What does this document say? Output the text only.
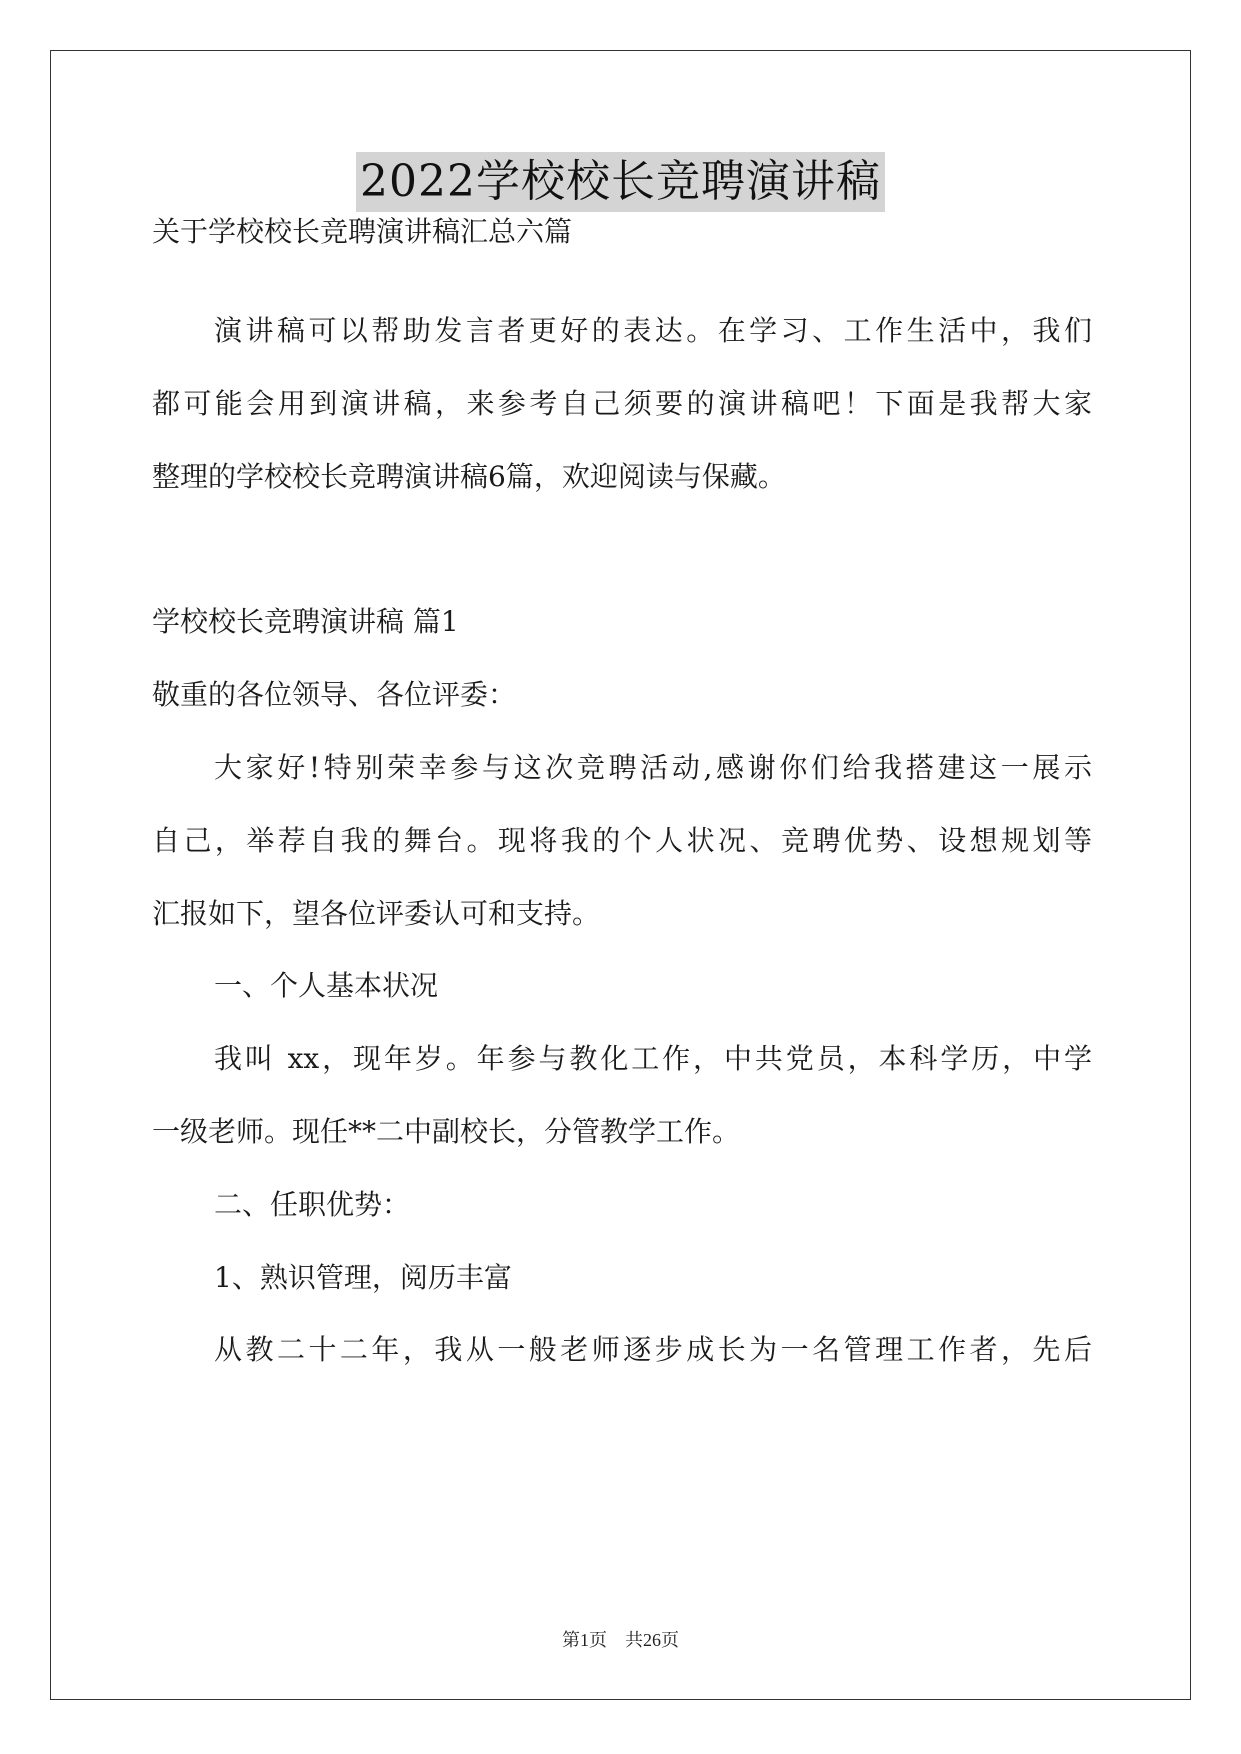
2022学校校长竞聘演讲稿
关于学校校长竞聘演讲稿汇总六篇
演讲稿可以帮助发言者更好的表达。在学习、工作生活中，我们
都可能会用到演讲稿，来参考自己须要的演讲稿吧！下面是我帮大家
整理的学校校长竞聘演讲稿6篇，欢迎阅读与保藏。
学校校长竞聘演讲稿 篇1
敬重的各位领导、各位评委：
大家好!特别荣幸参与这次竞聘活动,感谢你们给我搭建这一展示
自己，举荐自我的舞台。现将我的个人状况、竞聘优势、设想规划等
汇报如下，望各位评委认可和支持。
一、个人基本状况
我叫 xx，现年岁。年参与教化工作，中共党员，本科学历，中学
一级老师。现任**二中副校长，分管教学工作。
二、任职优势：
1、熟识管理，阅历丰富
从教二十二年，我从一般老师逐步成长为一名管理工作者，先后
第1页 共26页
